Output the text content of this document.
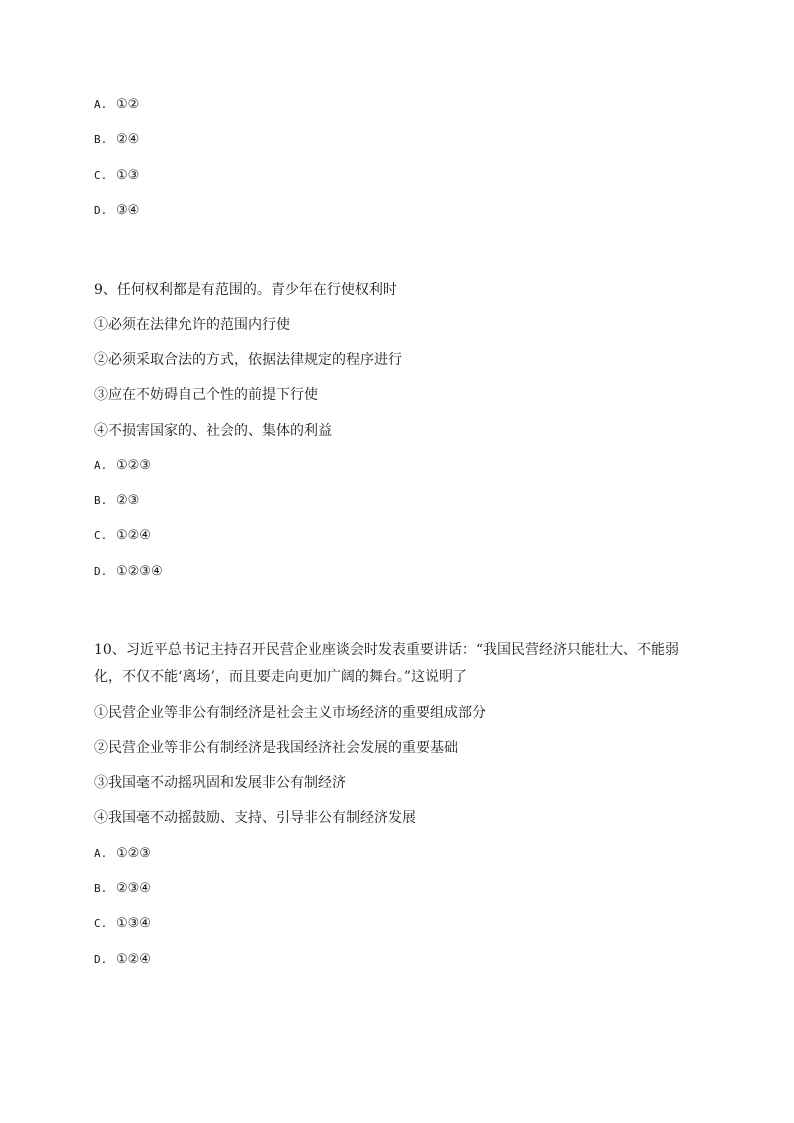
A. ①②
B. ②④
C. ①③
D. ③④
9、任何权利都是有范围的。青少年在行使权利时
①必须在法律允许的范围内行使
②必须采取合法的方式，依据法律规定的程序进行
③应在不妨碍自己个性的前提下行使
④不损害国家的、社会的、集体的利益
A. ①②③
B. ②③
C. ①②④
D. ①②③④
10、习近平总书记主持召开民营企业座谈会时发表重要讲话：“我国民营经济只能壮大、不能弱
化，不仅不能‘离场’，而且要走向更加广阔的舞台。”这说明了
①民营企业等非公有制经济是社会主义市场经济的重要组成部分
②民营企业等非公有制经济是我国经济社会发展的重要基础
③我国毫不动摇巩固和发展非公有制经济
④我国毫不动摇鼓励、支持、引导非公有制经济发展
A. ①②③
B. ②③④
C. ①③④
D. ①②④
